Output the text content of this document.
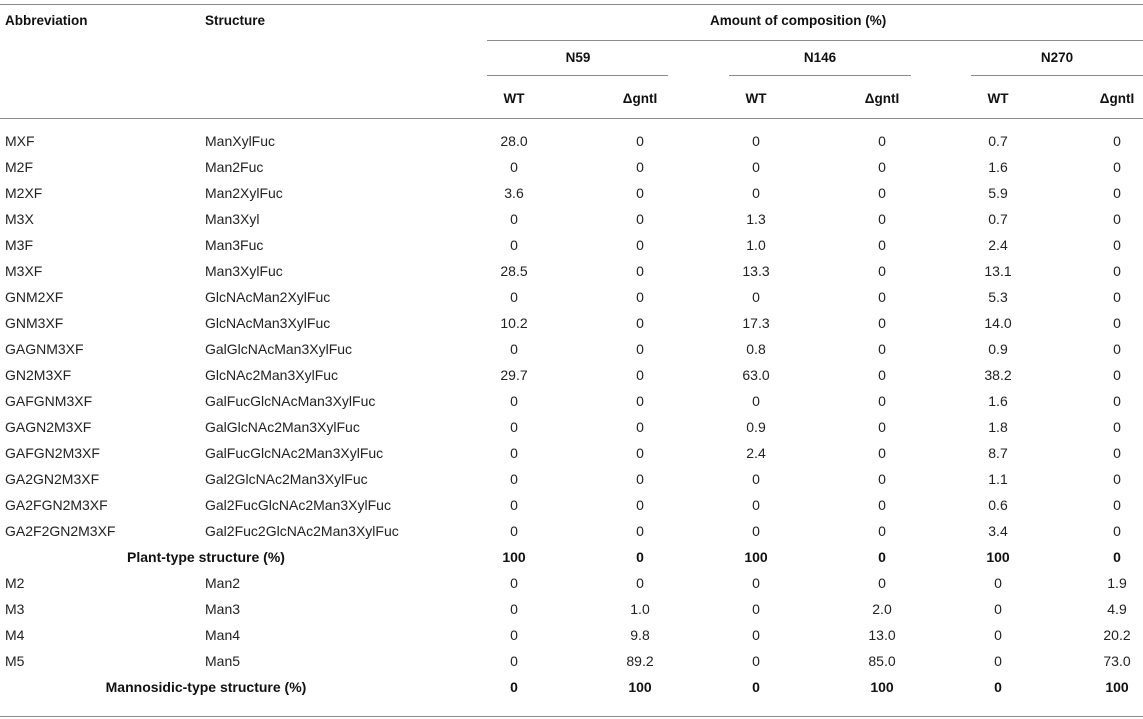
Abbreviation	Structure	Amount of composition (%)
N59	N146	N270
WT	ΔgntI	WT	ΔgntI	WT	ΔgntI
MXF	ManXylFuc	28.0	0	0	0	0.7	0
M2F	Man2Fuc	0	0	0	0	1.6	0
M2XF	Man2XylFuc	3.6	0	0	0	5.9	0
M3X	Man3Xyl	0	0	1.3	0	0.7	0
M3F	Man3Fuc	0	0	1.0	0	2.4	0
M3XF	Man3XylFuc	28.5	0	13.3	0	13.1	0
GNM2XF	GlcNAcMan2XylFuc	0	0	0	0	5.3	0
GNM3XF	GlcNAcMan3XylFuc	10.2	0	17.3	0	14.0	0
GAGNM3XF	GalGlcNAcMan3XylFuc	0	0	0.8	0	0.9	0
GN2M3XF	GlcNAc2Man3XylFuc	29.7	0	63.0	0	38.2	0
GAFGNM3XF	GalFucGlcNAcMan3XylFuc	0	0	0	0	1.6	0
GAGN2M3XF	GalGlcNAc2Man3XylFuc	0	0	0.9	0	1.8	0
GAFGN2M3XF	GalFucGlcNAc2Man3XylFuc	0	0	2.4	0	8.7	0
GA2GN2M3XF	Gal2GlcNAc2Man3XylFuc	0	0	0	0	1.1	0
GA2FGN2M3XF	Gal2FucGlcNAc2Man3XylFuc	0	0	0	0	0.6	0
GA2F2GN2M3XF	Gal2Fuc2GlcNAc2Man3XylFuc	0	0	0	0	3.4	0
Plant-type structure (%)	100	0	100	0	100	0
M2	Man2	0	0	0	0	0	1.9
M3	Man3	0	1.0	0	2.0	0	4.9
M4	Man4	0	9.8	0	13.0	0	20.2
M5	Man5	0	89.2	0	85.0	0	73.0
Mannosidic-type structure (%)	0	100	0	100	0	100
